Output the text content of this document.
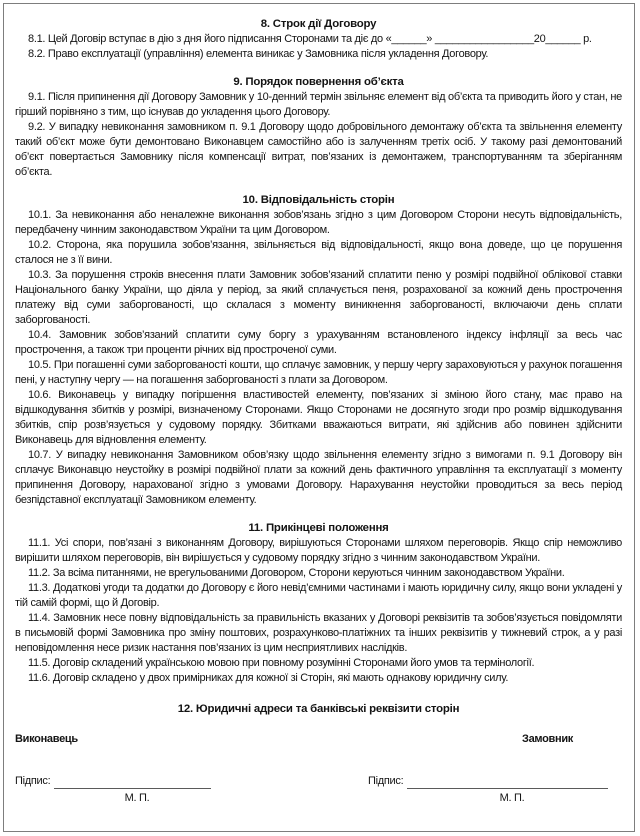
8. Строк дії Договору

8.1. Цей Договір вступає в дію з дня його підписання Сторонами та діє до «______» _________________20______ р.

8.2. Право експлуатації (управління) елемента виникає у Замовника після укладення Договору.

9. Порядок повернення об’єкта

9.1. Після припинення дії Договору Замовник у 10-денний термін звільняє елемент від об’єкта та приводить його у стан, не гірший порівняно з тим, що існував до укладення цього Договору.

9.2. У випадку невиконання замовником п. 9.1 Договору щодо добровільного демонтажу об’єкта та звільнення елементу такий об’єкт може бути демонтовано Виконавцем самостійно або із залученням третіх осіб. У такому разі демонтований об’єкт повертається Замовнику після компенсації витрат, пов’язаних із демонтажем, транспортуванням та зберіганням об’єкта.

10. Відповідальність сторін

10.1. За невиконання або неналежне виконання зобов’язань згідно з цим Договором Сторони несуть відповідальність, передбачену чинним законодавством України та цим Договором.

10.2. Сторона, яка порушила зобов’язання, звільняється від відповідальності, якщо вона доведе, що це порушення сталося не з її вини.

10.3. За порушення строків внесення плати Замовник зобов’язаний сплатити пеню у розмірі подвійної облікової ставки Національного банку України, що діяла у період, за який сплачується пеня, розрахованої за кожний день прострочення платежу від суми заборгованості, що склалася з моменту виникнення заборгованості, включаючи день сплати заборгованості.

10.4. Замовник зобов’язаний сплатити суму боргу з урахуванням встановленого індексу інфляції за весь час прострочення, а також три проценти річних від простроченої суми.

10.5. При погашенні суми заборгованості кошти, що сплачує замовник, у першу чергу зараховуються у рахунок погашення пені, у наступну чергу — на погашення заборгованості з плати за Договором.

10.6. Виконавець у випадку погіршення властивостей елементу, пов’язаних зі зміною його стану, має право на відшкодування збитків у розмірі, визначеному Сторонами. Якщо Сторонами не досягнуто згоди про розмір відшкодування збитків, спір розв’язується у судовому порядку. Збитками вважаються витрати, які здійснив або повинен здійснити Виконавець для відновлення елементу.

10.7. У випадку невиконання Замовником обов’язку щодо звільнення елементу згідно з вимогами п. 9.1 Договору він сплачує Виконавцю неустойку в розмірі подвійної плати за кожний день фактичного управління та експлуатації з моменту припинення Договору, нарахованої згідно з умовами Договору. Нарахування неустойки проводиться за весь період безпідставної експлуатації Замовником елементу.

11. Прикінцеві положення

11.1. Усі спори, пов’язані з виконанням Договору, вирішуються Сторонами шляхом переговорів. Якщо спір неможливо вирішити шляхом переговорів, він вирішується у судовому порядку згідно з чинним законодавством України.

11.2. За всіма питаннями, не врегульованими Договором, Сторони керуються чинним законодавством України.

11.3. Додаткові угоди та додатки до Договору є його невід’ємними частинами і мають юридичну силу, якщо вони укладені у тій самій формі, що й Договір.

11.4. Замовник несе повну відповідальність за правильність вказаних у Договорі реквізитів та зобов’язується повідомляти в письмовій формі Замовника про зміну поштових, розрахунково-платіжних та інших реквізитів у тижневий строк, а у разі неповідомлення несе ризик настання пов’язаних із цим несприятливих наслідків.

11.5. Договір складений українською мовою при повному розумінні Сторонами його умов та термінології.

11.6. Договір складено у двох примірниках для кожної зі Сторін, які мають однакову юридичну силу.

12. Юридичні адреси та банківські реквізити сторін
Виконавець	Замовник
Підпис:
М. П.
Підпис:
М. П.
